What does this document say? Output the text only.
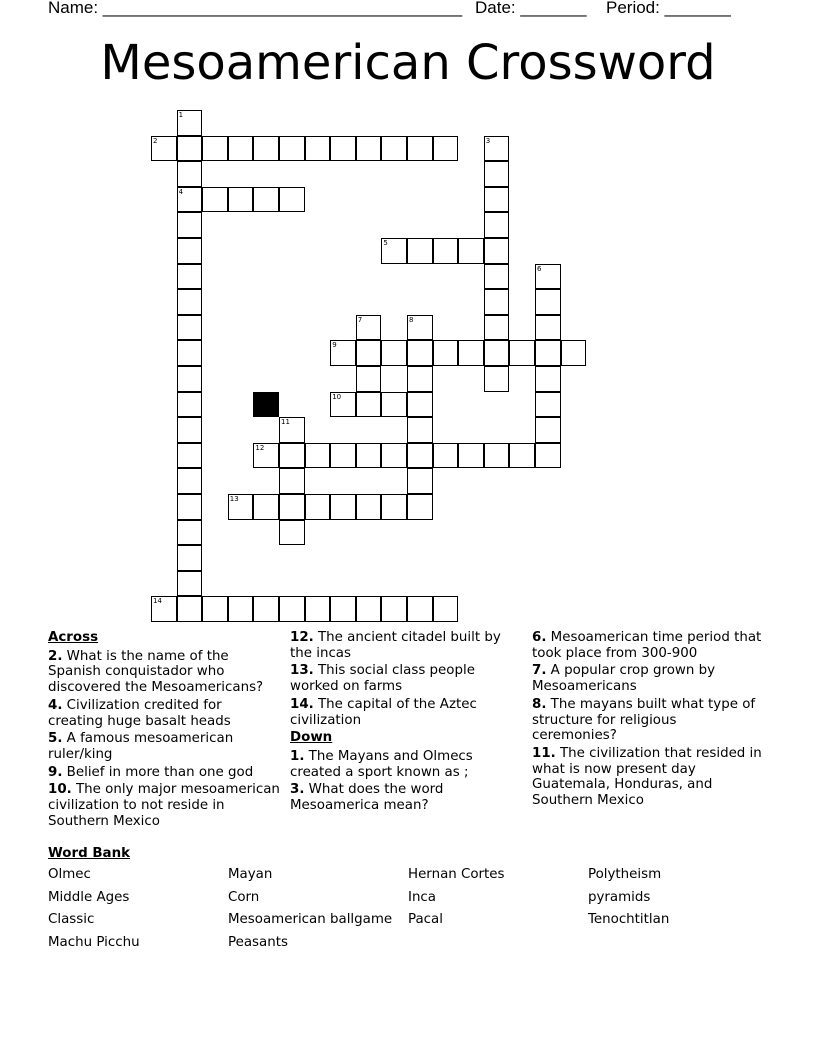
Name: ______________________________________ Date: _______ Period: _______
Mesoamerican Crossword
1
4
2	3
5
6
7	8
9
10
11
12
13
14
Across
2. What is the name of the Spanish conquistador who discovered the Mesoamericans?
4. Civilization credited for creating huge basalt heads
5. A famous mesoamerican ruler/king
9. Belief in more than one god
10. The only major mesoamerican civilization to not reside in Southern Mexico
12. The ancient citadel built by the incas
13. This social class people worked on farms
14. The capital of the Aztec civilization
Down
1. The Mayans and Olmecs created a sport known as ;
3. What does the word Mesoamerica mean?
6. Mesoamerican time period that took place from 300-900
7. A popular crop grown by Mesoamericans
8. The mayans built what type of structure for religious ceremonies?
11. The civilization that resided in what is now present day Guatemala, Honduras, and Southern Mexico
Word Bank
Olmec
Middle Ages
Classic
Machu Picchu
Mayan
Corn
Mesoamerican ballgame
Peasants
Hernan Cortes
Inca
Pacal
Polytheism
pyramids
Tenochtitlan
